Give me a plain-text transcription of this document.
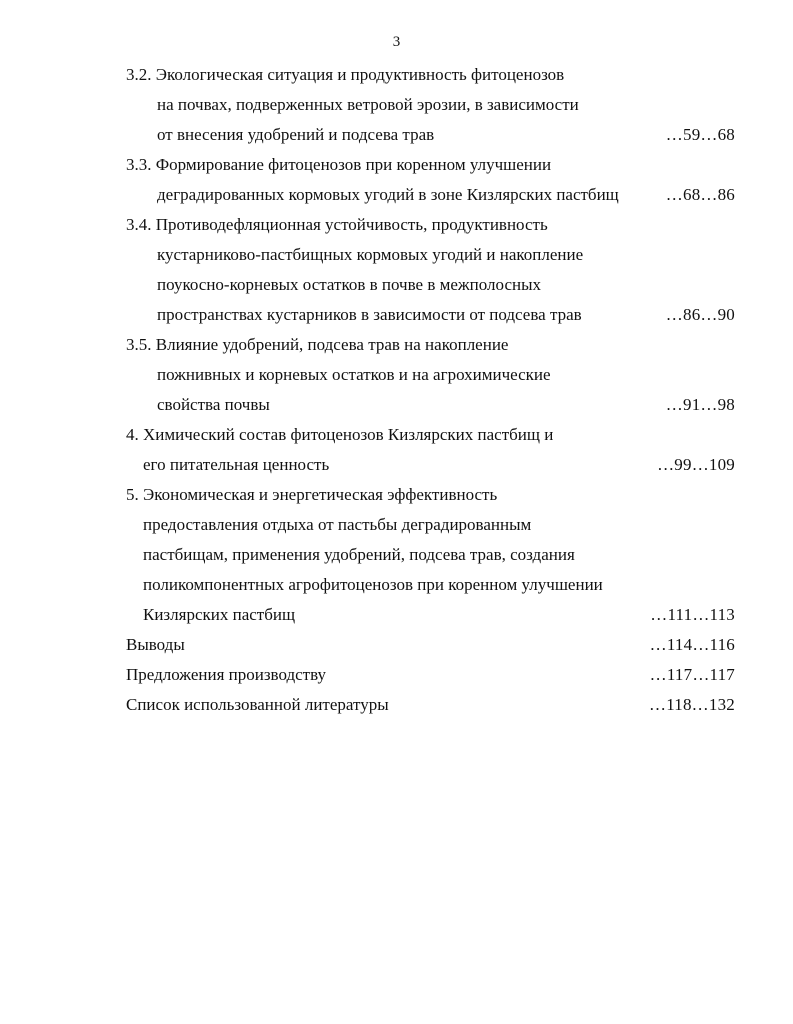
3
3.2. Экологическая ситуация и продуктивность фитоценозов
на почвах, подверженных ветровой эрозии, в зависимости
от внесения удобрений и подсева трав	…59…68
3.3. Формирование фитоценозов при коренном улучшении
деградированных кормовых угодий в зоне Кизлярских пастбищ	…68…86
3.4. Противодефляционная устойчивость, продуктивность
кустарниково-пастбищных кормовых угодий и накопление
поукосно-корневых остатков в почве в межполосных
пространствах кустарников в зависимости от подсева трав	…86…90
3.5. Влияние удобрений, подсева трав на накопление
пожнивных и корневых остатков и на агрохимические
свойства почвы	…91…98
4. Химический состав фитоценозов Кизлярских пастбищ и
его питательная ценность	…99…109
5. Экономическая и энергетическая эффективность
предоставления отдыха от пастьбы деградированным
пастбищам, применения удобрений, подсева трав, создания
поликомпонентных агрофитоценозов при коренном улучшении
Кизлярских пастбищ	…111…113
Выводы	…114…116
Предложения производству	…117…117
Список использованной литературы	…118…132
